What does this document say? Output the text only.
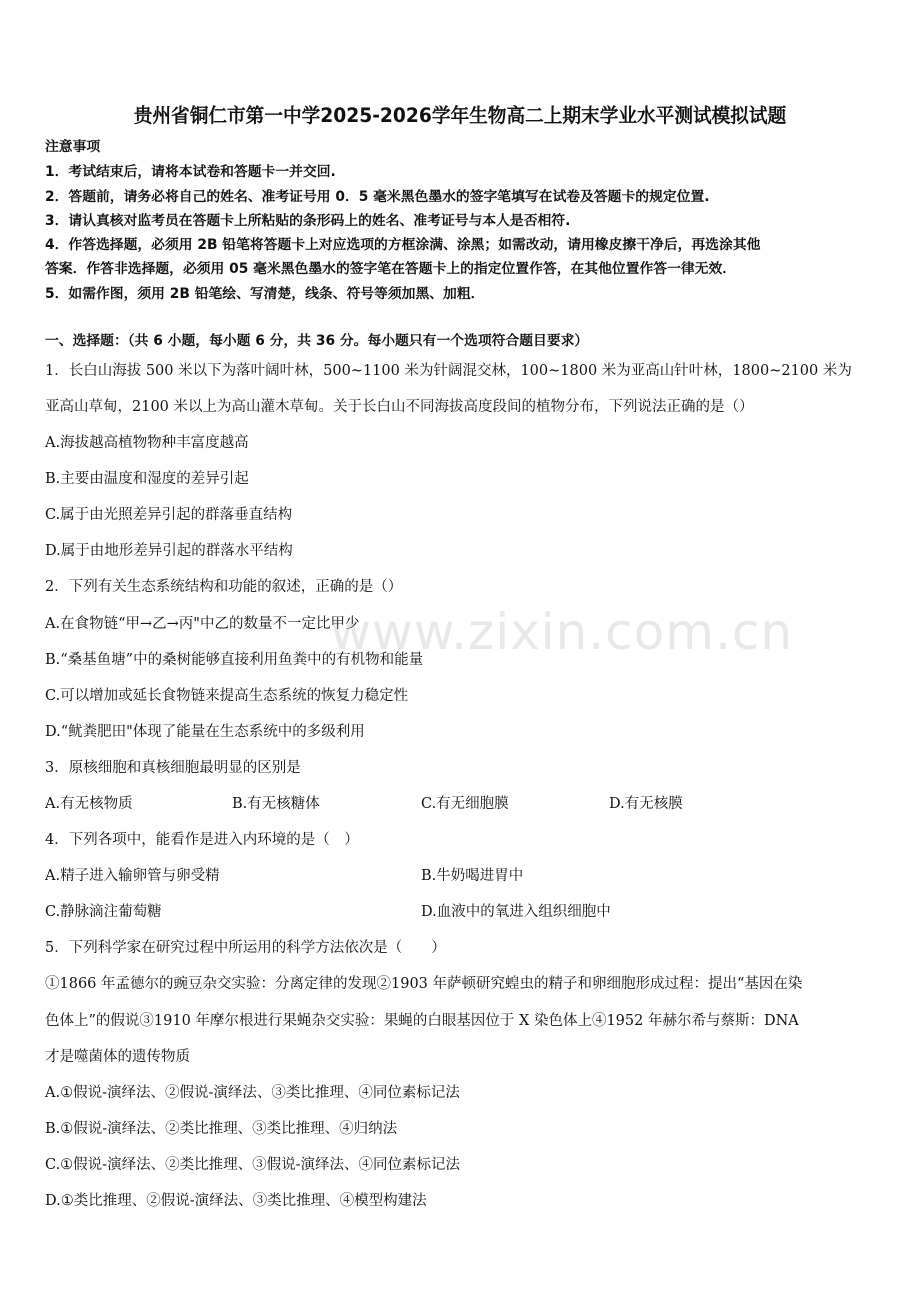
贵州省铜仁市第一中学2025-2026学年生物高二上期末学业水平测试模拟试题
注意事项
1．考试结束后，请将本试卷和答题卡一并交回.
2．答题前，请务必将自己的姓名、准考证号用 0．5 毫米黑色墨水的签字笔填写在试卷及答题卡的规定位置.
3．请认真核对监考员在答题卡上所粘贴的条形码上的姓名、准考证号与本人是否相符.
4．作答选择题，必须用 2B 铅笔将答题卡上对应选项的方框涂满、涂黑；如需改动，请用橡皮擦干净后，再选涂其他
答案．作答非选择题，必须用 05 毫米黑色墨水的签字笔在答题卡上的指定位置作答，在其他位置作答一律无效．
5．如需作图，须用 2B 铅笔绘、写清楚，线条、符号等须加黑、加粗．
一、选择题：（共 6 小题，每小题 6 分，共 36 分。每小题只有一个选项符合题目要求）
1．长白山海拔 500 米以下为落叶阔叶林，500~1100 米为针阔混交林，100~1800 米为亚高山针叶林，1800~2100 米为
亚高山草甸，2100 米以上为高山灌木草甸。关于长白山不同海拔高度段间的植物分布，下列说法正确的是（）
A.海拔越高植物物种丰富度越高
B.主要由温度和湿度的差异引起
C.属于由光照差异引起的群落垂直结构
D.属于由地形差异引起的群落水平结构
2．下列有关生态系统结构和功能的叙述，正确的是（）
A.在食物链“甲→乙→丙"中乙的数量不一定比甲少
B.“桑基鱼塘”中的桑树能够直接利用鱼粪中的有机物和能量
C.可以增加或延长食物链来提高生态系统的恢复力稳定性
D.“鱿粪肥田"体现了能量在生态系统中的多级利用
3．原核细胞和真核细胞最明显的区别是
A.有无核物质	B.有无核糖体	C.有无细胞膜	D.有无核膜
4．下列各项中，能看作是进入内环境的是（　）
A.精子进入输卵管与卵受精	B.牛奶喝进胃中
C.静脉滴注葡萄糖	D.血液中的氧进入组织细胞中
5．下列科学家在研究过程中所运用的科学方法依次是（　　）
①1866 年孟德尔的豌豆杂交实验：分离定律的发现②1903 年萨顿研究蝗虫的精子和卵细胞形成过程：提出“基因在染
色体上”的假说③1910 年摩尔根进行果蝇杂交实验：果蝇的白眼基因位于 X 染色体上④1952 年赫尔希与蔡斯：DNA
才是噬菌体的遗传物质
A.①假说-演绎法、②假说-演绎法、③类比推理、④同位素标记法
B.①假说-演绎法、②类比推理、③类比推理、④归纳法
C.①假说-演绎法、②类比推理、③假说-演绎法、④同位素标记法
D.①类比推理、②假说-演绎法、③类比推理、④模型构建法
www.zixin.com.cn
